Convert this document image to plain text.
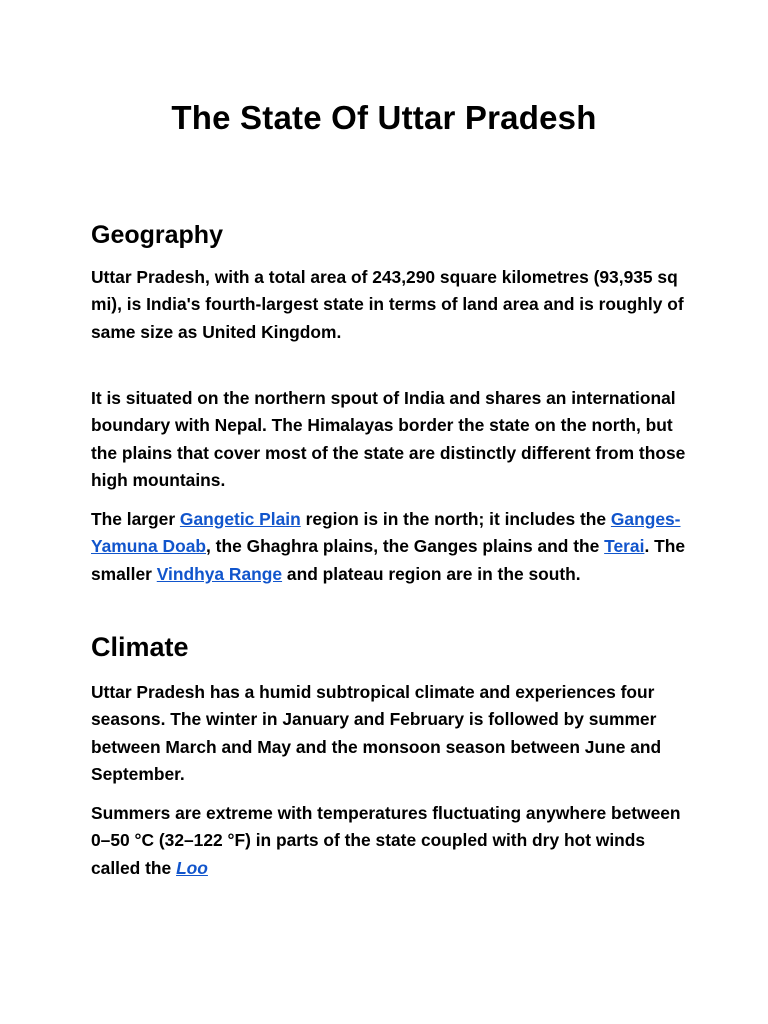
The State Of Uttar Pradesh
Geography

Uttar Pradesh, with a total area of 243,290 square kilometres (93,935 sq mi), is India's fourth-largest state in terms of land area and is roughly of same size as United Kingdom.

It is situated on the northern spout of India and shares an international boundary with Nepal. The Himalayas border the state on the north, but the plains that cover most of the state are distinctly different from those high mountains.

The larger Gangetic Plain region is in the north; it includes the Ganges-Yamuna Doab, the Ghaghra plains, the Ganges plains and the Terai. The smaller Vindhya Range and plateau region are in the south.

Climate

Uttar Pradesh has a humid subtropical climate and experiences four seasons. The winter in January and February is followed by summer between March and May and the monsoon season between June and September.

Summers are extreme with temperatures fluctuating anywhere between 0–50 °C (32–122 °F) in parts of the state coupled with dry hot winds called the Loo
